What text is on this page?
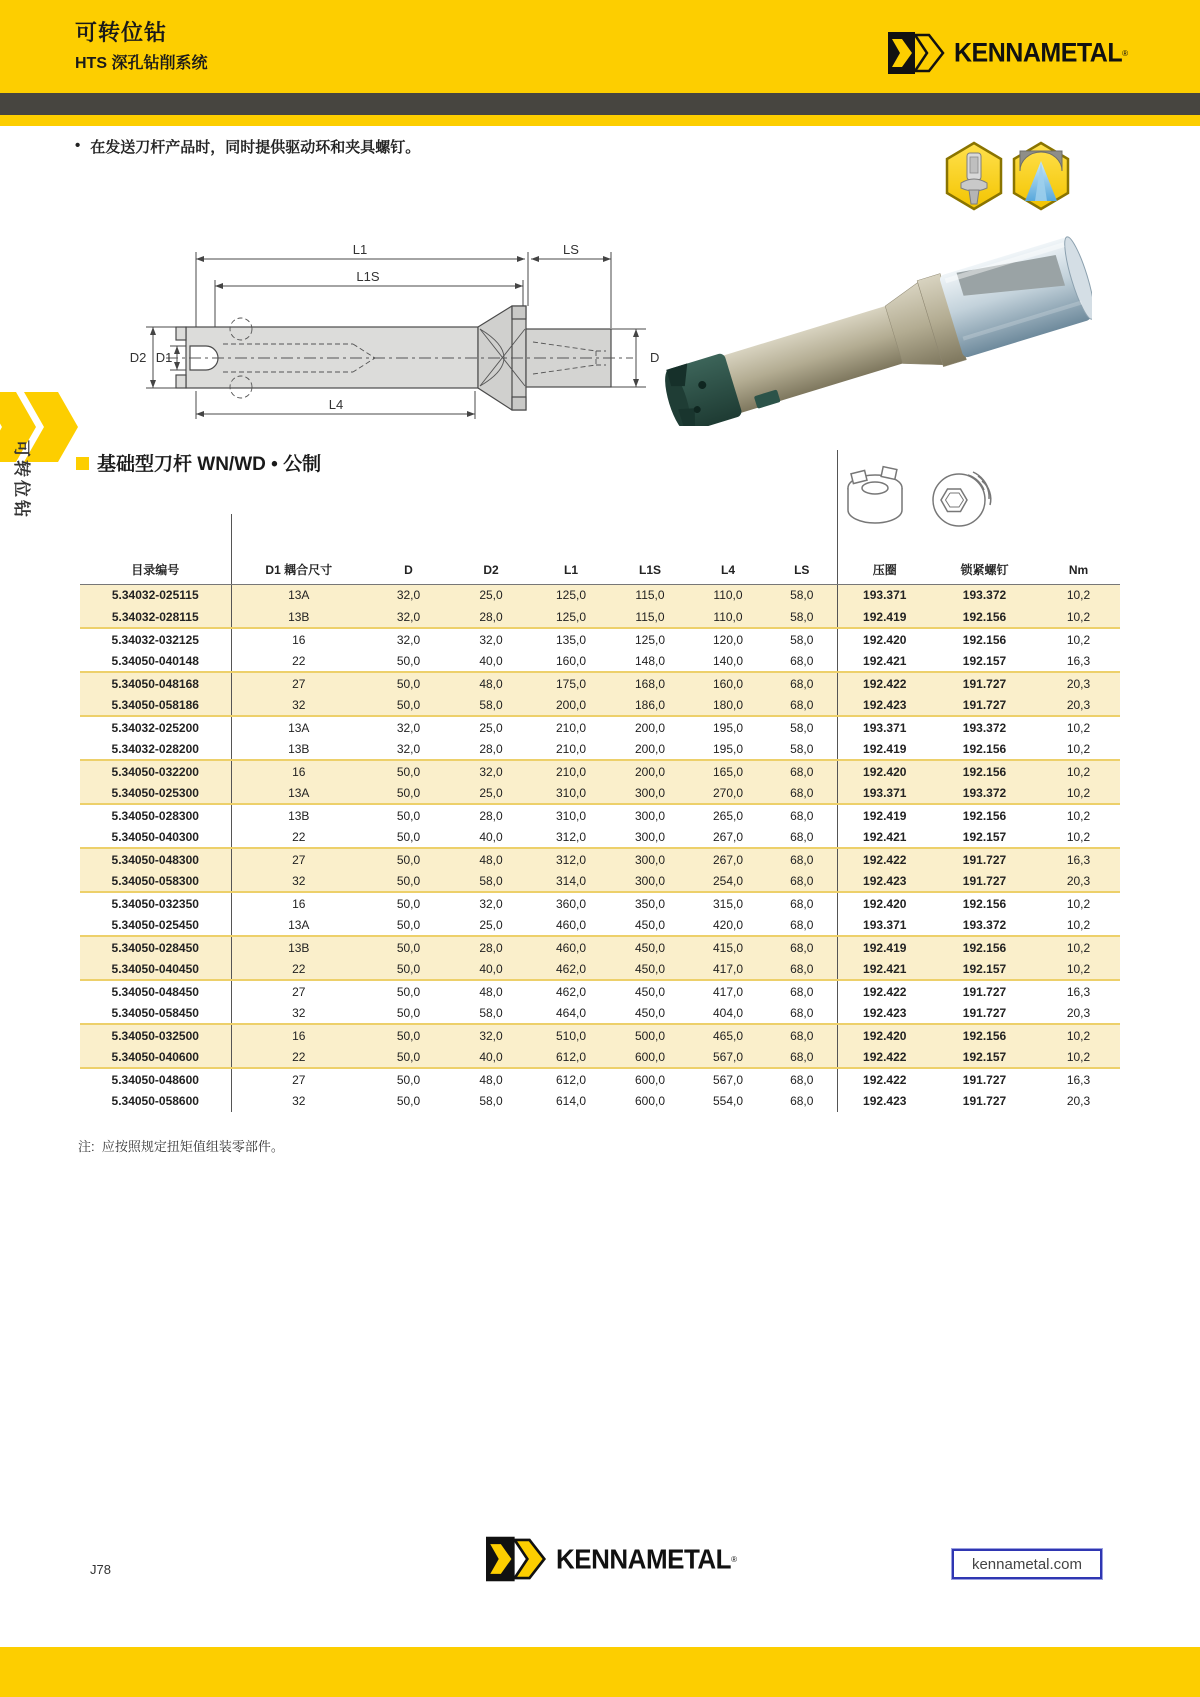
可转位钻
HTS 深孔钻削系统	KENNAMETAL ®
• 在发送刀杆产品时，同时提供驱动环和夹具螺钉。
L1
L1S
LS
D2 D1
L4
D
可转位钻	基础型刀杆 WN/WD • 公制
目录编号	D1 耦合尺寸	D	D2	L1	L1S	L4	LS	压圈	锁紧螺钉	Nm
5.34032-025115	13A	32,0	25,0	125,0	115,0	110,0	58,0	193.371	193.372	10,2
5.34032-028115	13B	32,0	28,0	125,0	115,0	110,0	58,0	192.419	192.156	10,2
5.34032-032125	16	32,0	32,0	135,0	125,0	120,0	58,0	192.420	192.156	10,2
5.34050-040148	22	50,0	40,0	160,0	148,0	140,0	68,0	192.421	192.157	16,3
5.34050-048168	27	50,0	48,0	175,0	168,0	160,0	68,0	192.422	191.727	20,3
5.34050-058186	32	50,0	58,0	200,0	186,0	180,0	68,0	192.423	191.727	20,3
5.34032-025200	13A	32,0	25,0	210,0	200,0	195,0	58,0	193.371	193.372	10,2
5.34032-028200	13B	32,0	28,0	210,0	200,0	195,0	58,0	192.419	192.156	10,2
5.34050-032200	16	50,0	32,0	210,0	200,0	165,0	68,0	192.420	192.156	10,2
5.34050-025300	13A	50,0	25,0	310,0	300,0	270,0	68,0	193.371	193.372	10,2
5.34050-028300	13B	50,0	28,0	310,0	300,0	265,0	68,0	192.419	192.156	10,2
5.34050-040300	22	50,0	40,0	312,0	300,0	267,0	68,0	192.421	192.157	10,2
5.34050-048300	27	50,0	48,0	312,0	300,0	267,0	68,0	192.422	191.727	16,3
5.34050-058300	32	50,0	58,0	314,0	300,0	254,0	68,0	192.423	191.727	20,3
5.34050-032350	16	50,0	32,0	360,0	350,0	315,0	68,0	192.420	192.156	10,2
5.34050-025450	13A	50,0	25,0	460,0	450,0	420,0	68,0	193.371	193.372	10,2
5.34050-028450	13B	50,0	28,0	460,0	450,0	415,0	68,0	192.419	192.156	10,2
5.34050-040450	22	50,0	40,0	462,0	450,0	417,0	68,0	192.421	192.157	10,2
5.34050-048450	27	50,0	48,0	462,0	450,0	417,0	68,0	192.422	191.727	16,3
5.34050-058450	32	50,0	58,0	464,0	450,0	404,0	68,0	192.423	191.727	20,3
5.34050-032500	16	50,0	32,0	510,0	500,0	465,0	68,0	192.420	192.156	10,2
5.34050-040600	22	50,0	40,0	612,0	600,0	567,0	68,0	192.422	192.157	10,2
5.34050-048600	27	50,0	48,0	612,0	600,0	567,0	68,0	192.422	191.727	16,3
5.34050-058600	32	50,0	58,0	614,0	600,0	554,0	68,0	192.423	191.727	20,3
注:  应按照规定扭矩值组装零部件。
J78	KENNAMETAL ®	kennametal.com
